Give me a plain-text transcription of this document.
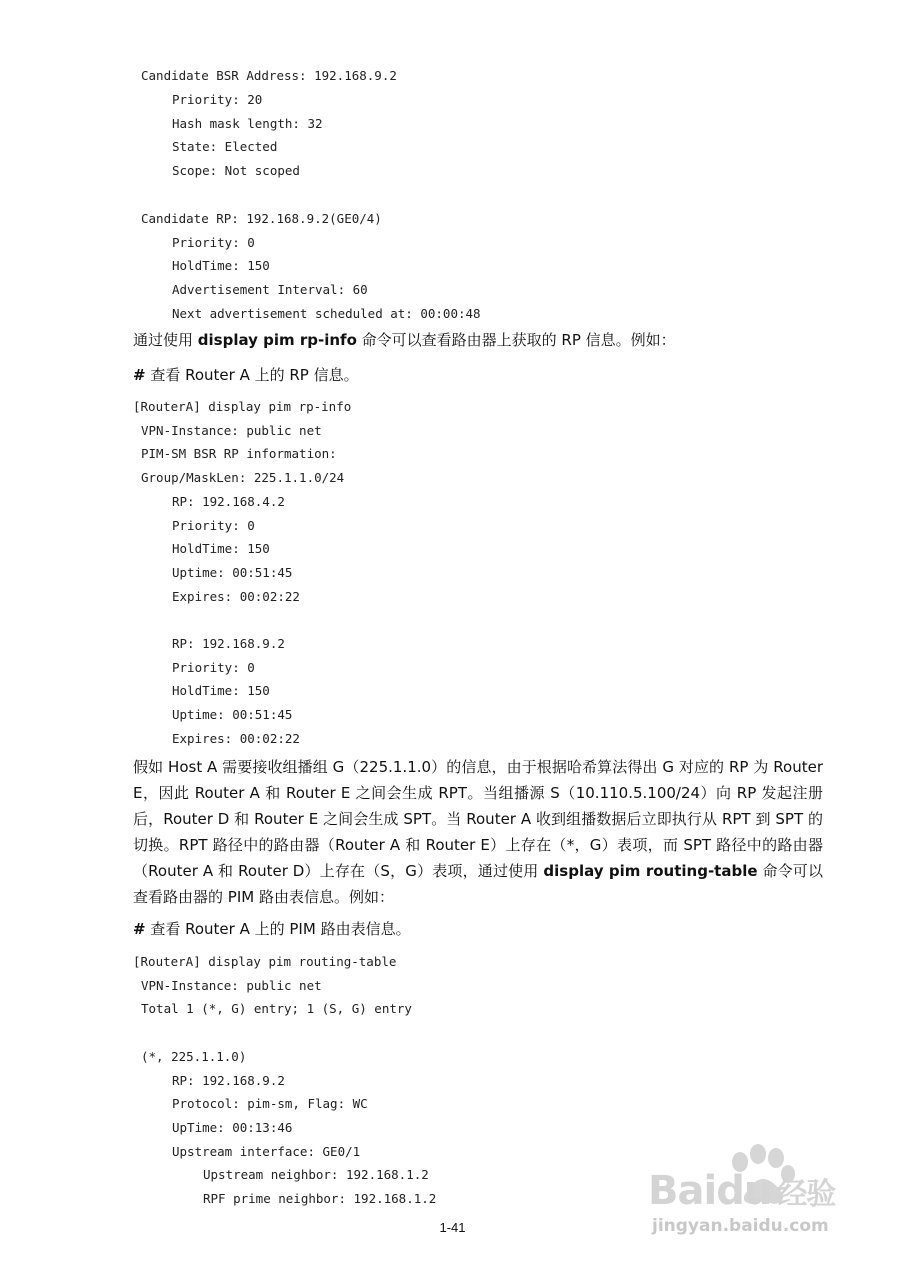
Candidate BSR Address: 192.168.9.2
Priority: 20
Hash mask length: 32
State: Elected
Scope: Not scoped
Candidate RP: 192.168.9.2(GE0/4)
Priority: 0
HoldTime: 150
Advertisement Interval: 60
Next advertisement scheduled at: 00:00:48
通过使用 display pim rp-info 命令可以查看路由器上获取的 RP 信息。例如：
# 查看 Router A 上的 RP 信息。
[RouterA] display pim rp-info
VPN-Instance: public net
PIM-SM BSR RP information:
Group/MaskLen: 225.1.1.0/24
RP: 192.168.4.2
Priority: 0
HoldTime: 150
Uptime: 00:51:45
Expires: 00:02:22
RP: 192.168.9.2
Priority: 0
HoldTime: 150
Uptime: 00:51:45
Expires: 00:02:22
假如 Host A 需要接收组播组 G（225.1.1.0）的信息，由于根据哈希算法得出 G 对应的 RP 为 Router E，因此 Router A 和 Router E 之间会生成 RPT。当组播源 S（10.110.5.100/24）向 RP 发起注册后，Router D 和 Router E 之间会生成 SPT。当 Router A 收到组播数据后立即执行从 RPT 到 SPT 的切换。RPT 路径中的路由器（Router A 和 Router E）上存在（*，G）表项，而 SPT 路径中的路由器（Router A 和 Router D）上存在（S，G）表项，通过使用 display pim routing-table 命令可以查看路由器的 PIM 路由表信息。例如：
# 查看 Router A 上的 PIM 路由表信息。
[RouterA] display pim routing-table
VPN-Instance: public net
Total 1 (*, G) entry; 1 (S, G) entry
(*, 225.1.1.0)
RP: 192.168.9.2
Protocol: pim-sm, Flag: WC
UpTime: 00:13:46
Upstream interface: GE0/1
Upstream neighbor: 192.168.1.2
RPF prime neighbor: 192.168.1.2
1-41
Baidu 经验
jingyan.baidu.com
